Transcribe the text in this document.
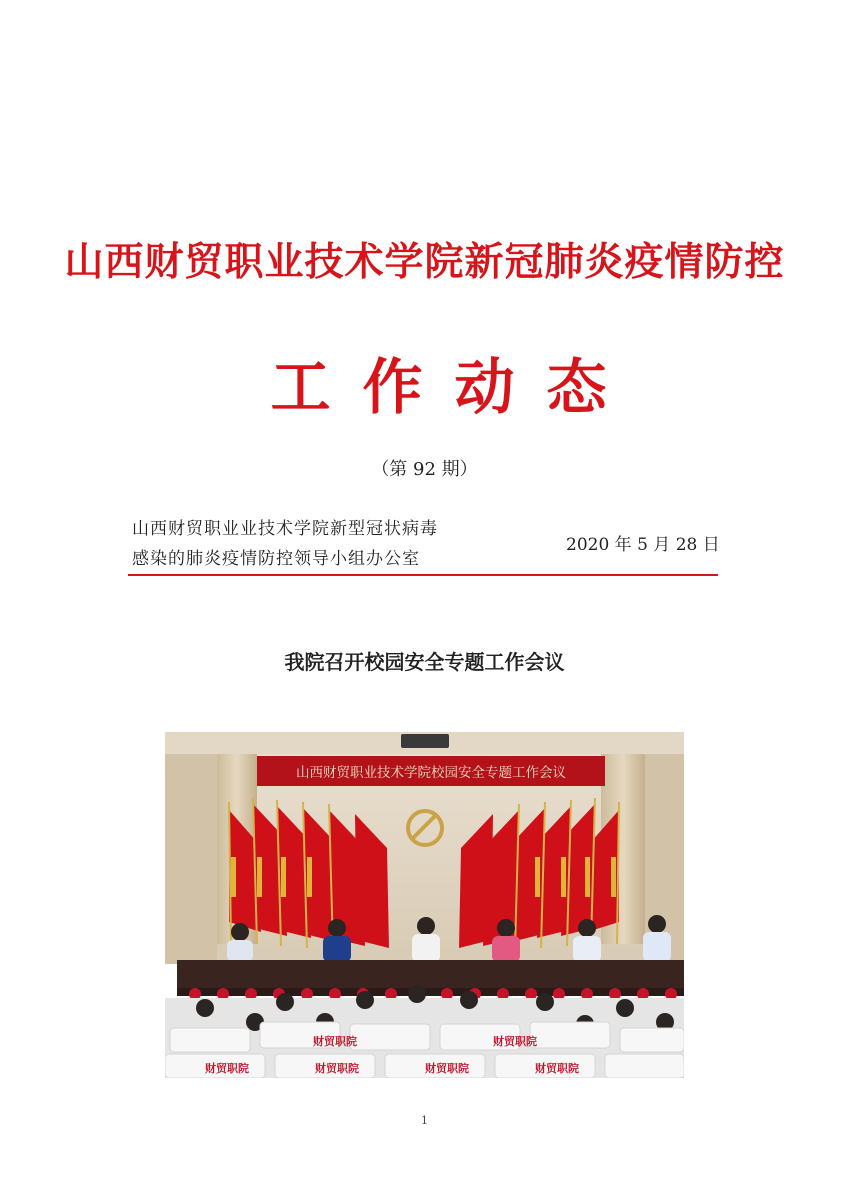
山西财贸职业技术学院新冠肺炎疫情防控
工作动态
（第 92 期）
山西财贸职业业技术学院新型冠状病毒
感染的肺炎疫情防控领导小组办公室
2020 年 5 月 28 日
我院召开校园安全专题工作会议
山西财贸职业技术学院校园安全专题工作会议
财贸职院	财贸职院	财贸职院	财贸职院
财贸职院	财贸职院
1
